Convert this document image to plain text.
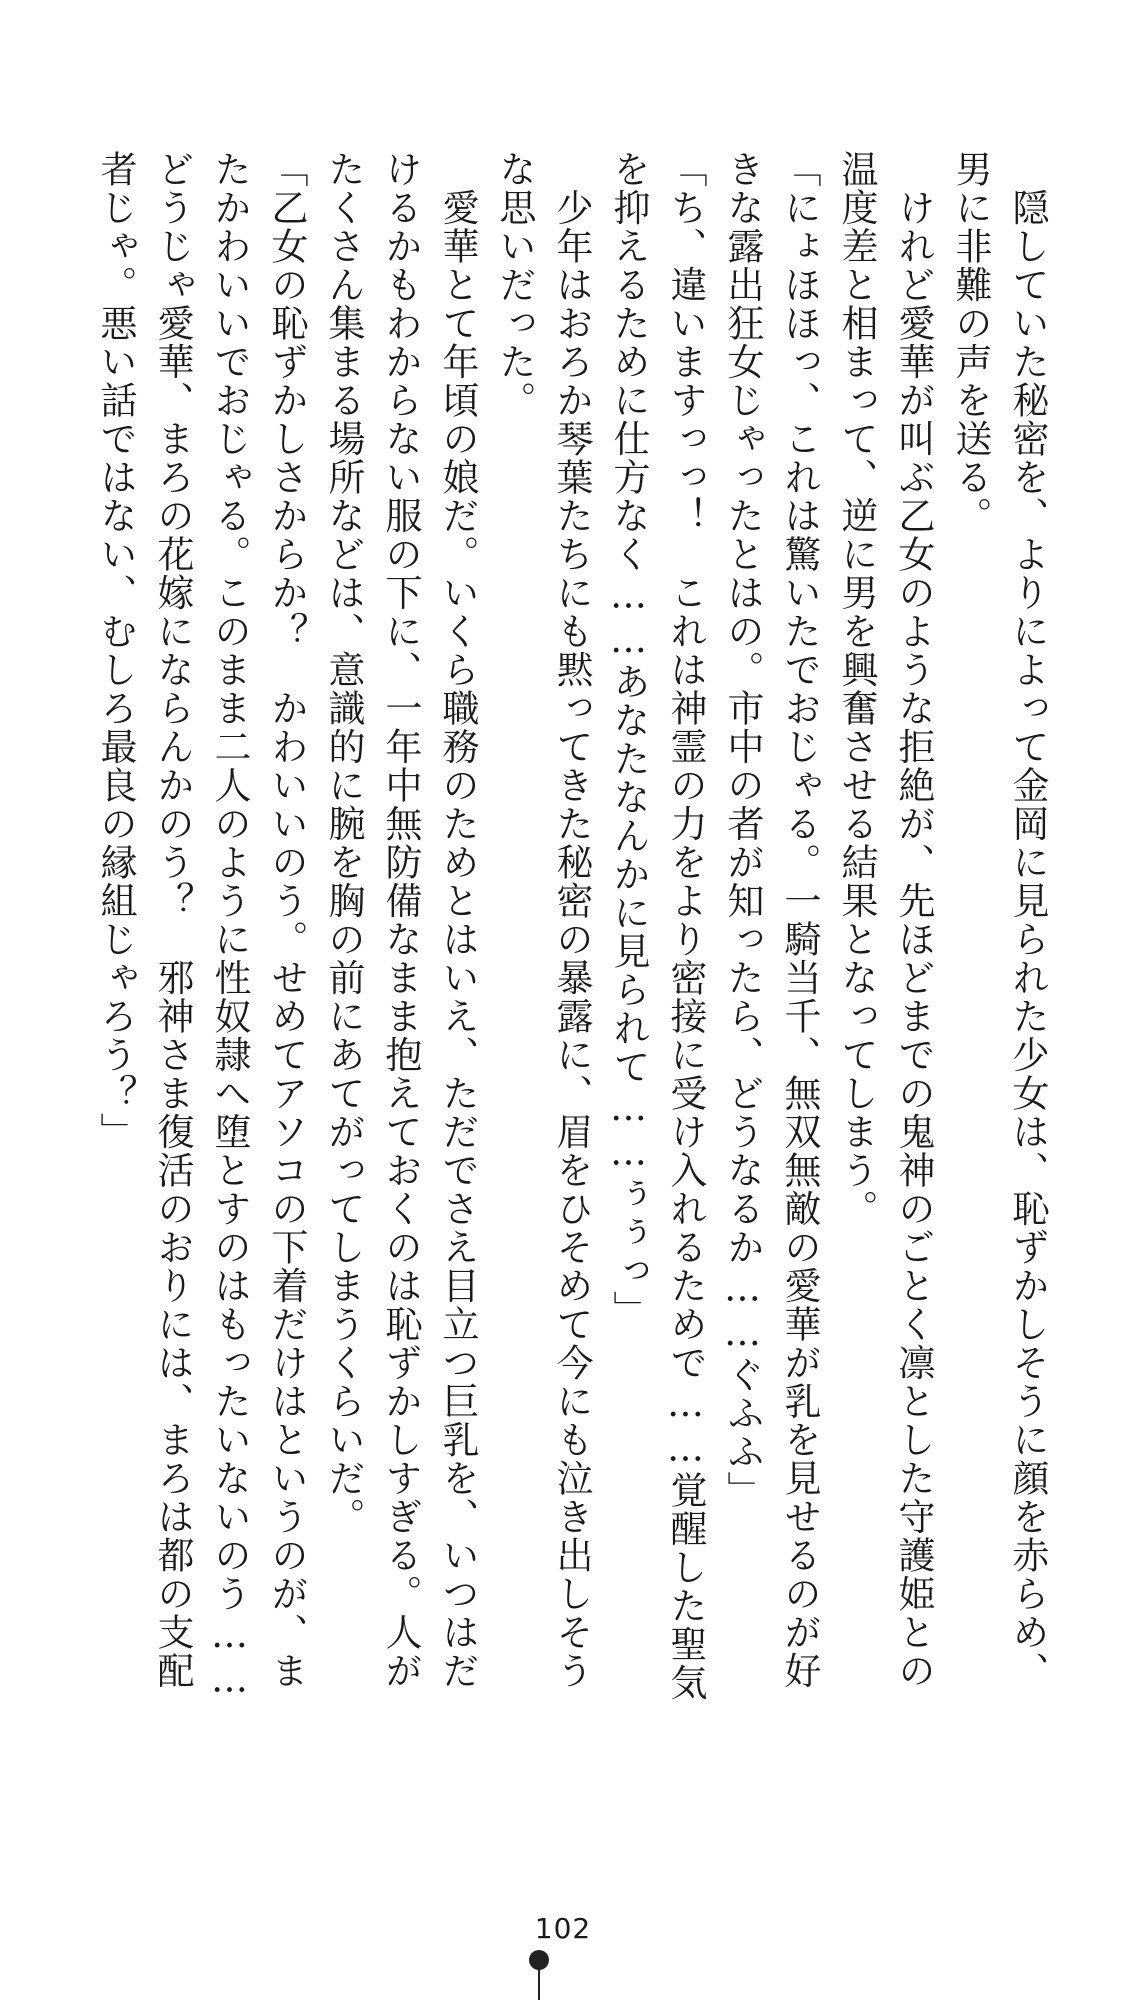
　隠していた秘密を、よりによって金岡に見られた少女は、恥ずかしそうに顔を赤らめ、
男に非難の声を送る。
　けれど愛華が叫ぶ乙女のような拒絶が、先ほどまでの鬼神のごとく凛とした守護姫との
温度差と相まって、逆に男を興奮させる結果となってしまう。
「にょほほっ、これは驚いたでおじゃる。一騎当千、無双無敵の愛華が乳を見せるのが好
きな露出狂女じゃったとはの。市中の者が知ったら、どうなるか……ぐふふ」
「ち、違いますっっ！　これは神霊の力をより密接に受け入れるためで……覚醒した聖気
を抑えるために仕方なく……あなたなんかに見られて……ぅぅっ」
　少年はおろか琴葉たちにも黙ってきた秘密の暴露に、眉をひそめて今にも泣き出しそう
な思いだった。
　愛華とて年頃の娘だ。いくら職務のためとはいえ、ただでさえ目立つ巨乳を、いつはだ
けるかもわからない服の下に、一年中無防備なまま抱えておくのは恥ずかしすぎる。人が
たくさん集まる場所などは、意識的に腕を胸の前にあてがってしまうくらいだ。
「乙女の恥ずかしさからか？　かわいいのう。せめてアソコの下着だけはというのが、ま
たかわいいでおじゃる。このまま二人のように性奴隷へ堕とすのはもったいないのう……
どうじゃ愛華、まろの花嫁にならんかのう？　邪神さま復活のおりには、まろは都の支配
者じゃ。悪い話ではない、むしろ最良の縁組じゃろう？」
102
